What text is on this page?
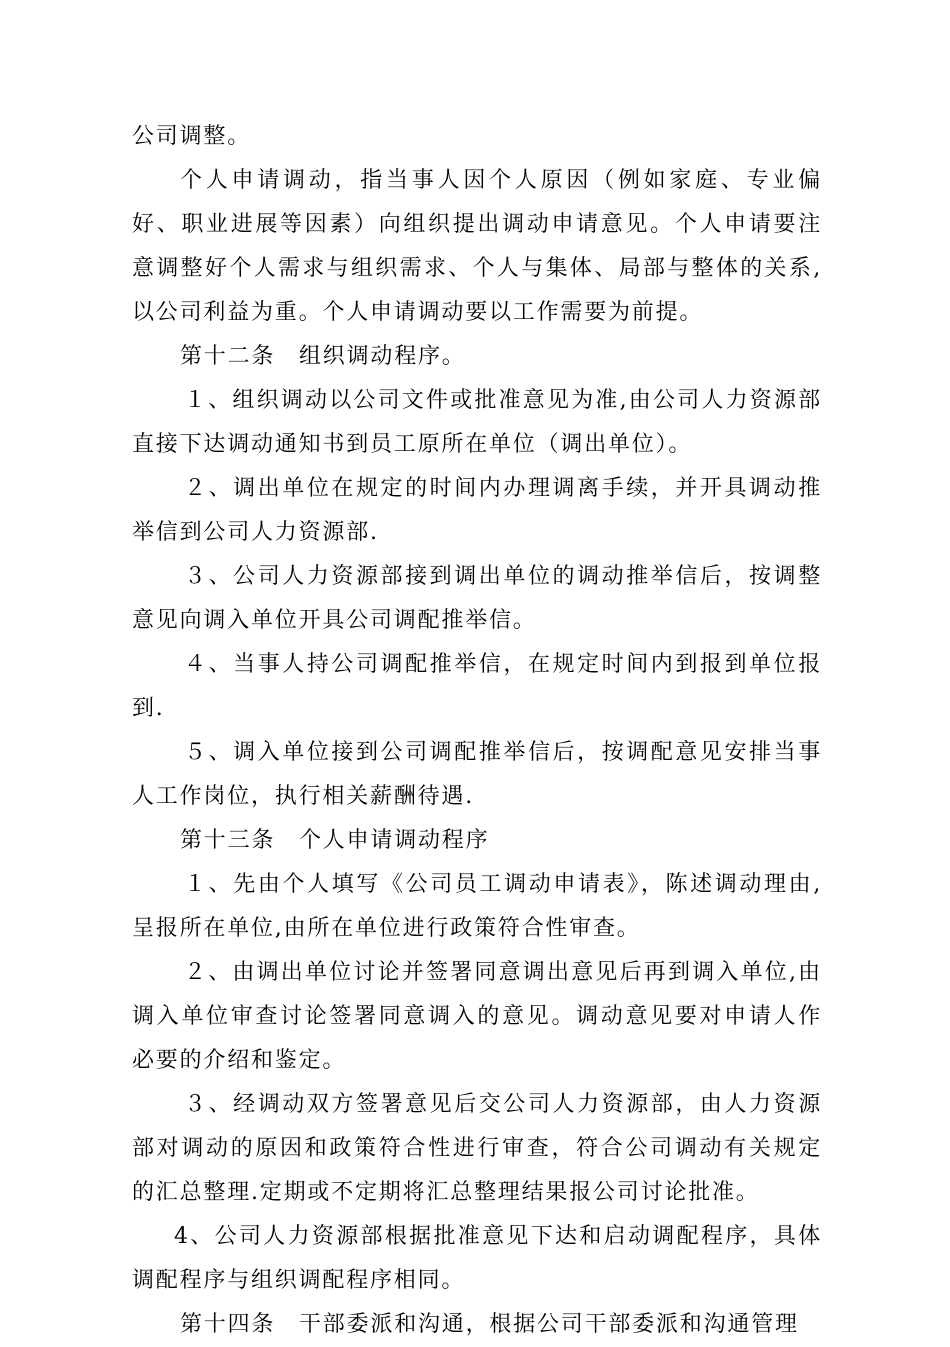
公司调整。

个人申请调动，指当事人因个人原因（例如家庭、专业偏好、职业进展等因素）向组织提出调动申请意见。个人申请要注意调整好个人需求与组织需求、个人与集体、局部与整体的关系,以公司利益为重。个人申请调动要以工作需要为前提。

第十二条　组织调动程序。

１、组织调动以公司文件或批准意见为准,由公司人力资源部直接下达调动通知书到员工原所在单位（调出单位）。

２、调出单位在规定的时间内办理调离手续，并开具调动推举信到公司人力资源部.

３、公司人力资源部接到调出单位的调动推举信后，按调整意见向调入单位开具公司调配推举信。

４、当事人持公司调配推举信，在规定时间内到报到单位报到.

５、调入单位接到公司调配推举信后，按调配意见安排当事人工作岗位，执行相关薪酬待遇.

第十三条　个人申请调动程序

１、先由个人填写《公司员工调动申请表》，陈述调动理由,呈报所在单位,由所在单位进行政策符合性审查。

２、由调出单位讨论并签署同意调出意见后再到调入单位,由调入单位审查讨论签署同意调入的意见。调动意见要对申请人作必要的介绍和鉴定。

３、经调动双方签署意见后交公司人力资源部，由人力资源部对调动的原因和政策符合性进行审查，符合公司调动有关规定的汇总整理.定期或不定期将汇总整理结果报公司讨论批准。

4、公司人力资源部根据批准意见下达和启动调配程序，具体调配程序与组织调配程序相同。

第十四条　干部委派和沟通，根据公司干部委派和沟通管理
